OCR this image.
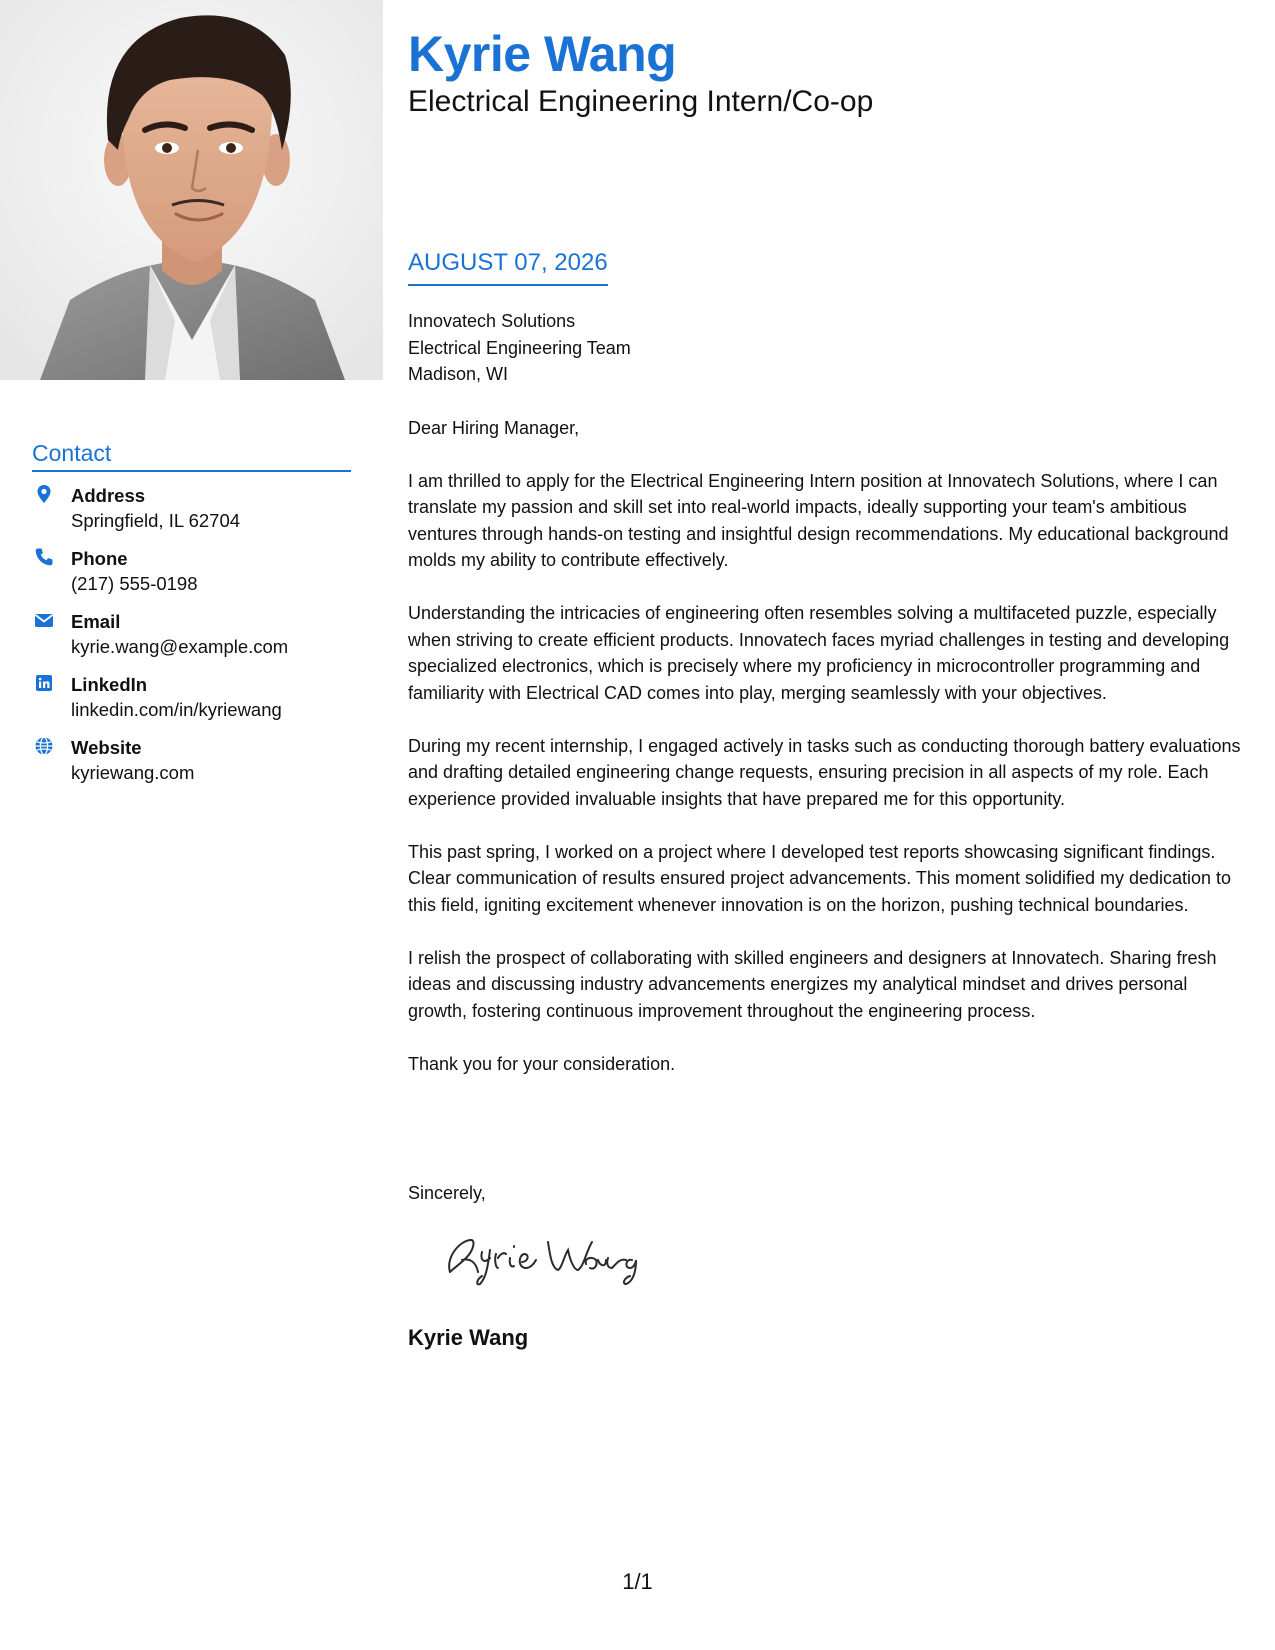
Kyrie Wang
Electrical Engineering Intern/Co-op
AUGUST 07, 2026
Contact
Address
Springfield, IL 62704
Phone
(217) 555-0198
Email
kyrie.wang@example.com
LinkedIn
linkedin.com/in/kyriewang
Website
kyriewang.com

Innovatech Solutions

Electrical Engineering Team

Madison, WI

Dear Hiring Manager,

I am thrilled to apply for the Electrical Engineering Intern position at Innovatech Solutions, where I can translate my passion and skill set into real-world impacts, ideally supporting your team's ambitious ventures through hands-on testing and insightful design recommendations. My educational background molds my ability to contribute effectively.

Understanding the intricacies of engineering often resembles solving a multifaceted puzzle, especially when striving to create efficient products. Innovatech faces myriad challenges in testing and developing specialized electronics, which is precisely where my proficiency in microcontroller programming and familiarity with Electrical CAD comes into play, merging seamlessly with your objectives.

During my recent internship, I engaged actively in tasks such as conducting thorough battery evaluations and drafting detailed engineering change requests, ensuring precision in all aspects of my role. Each experience provided invaluable insights that have prepared me for this opportunity.

This past spring, I worked on a project where I developed test reports showcasing significant findings. Clear communication of results ensured project advancements. This moment solidified my dedication to this field, igniting excitement whenever innovation is on the horizon, pushing technical boundaries.

I relish the prospect of collaborating with skilled engineers and designers at Innovatech. Sharing fresh ideas and discussing industry advancements energizes my analytical mindset and drives personal growth, fostering continuous improvement throughout the engineering process.

Thank you for your consideration.

Sincerely,
Kyrie Wang
1/1
